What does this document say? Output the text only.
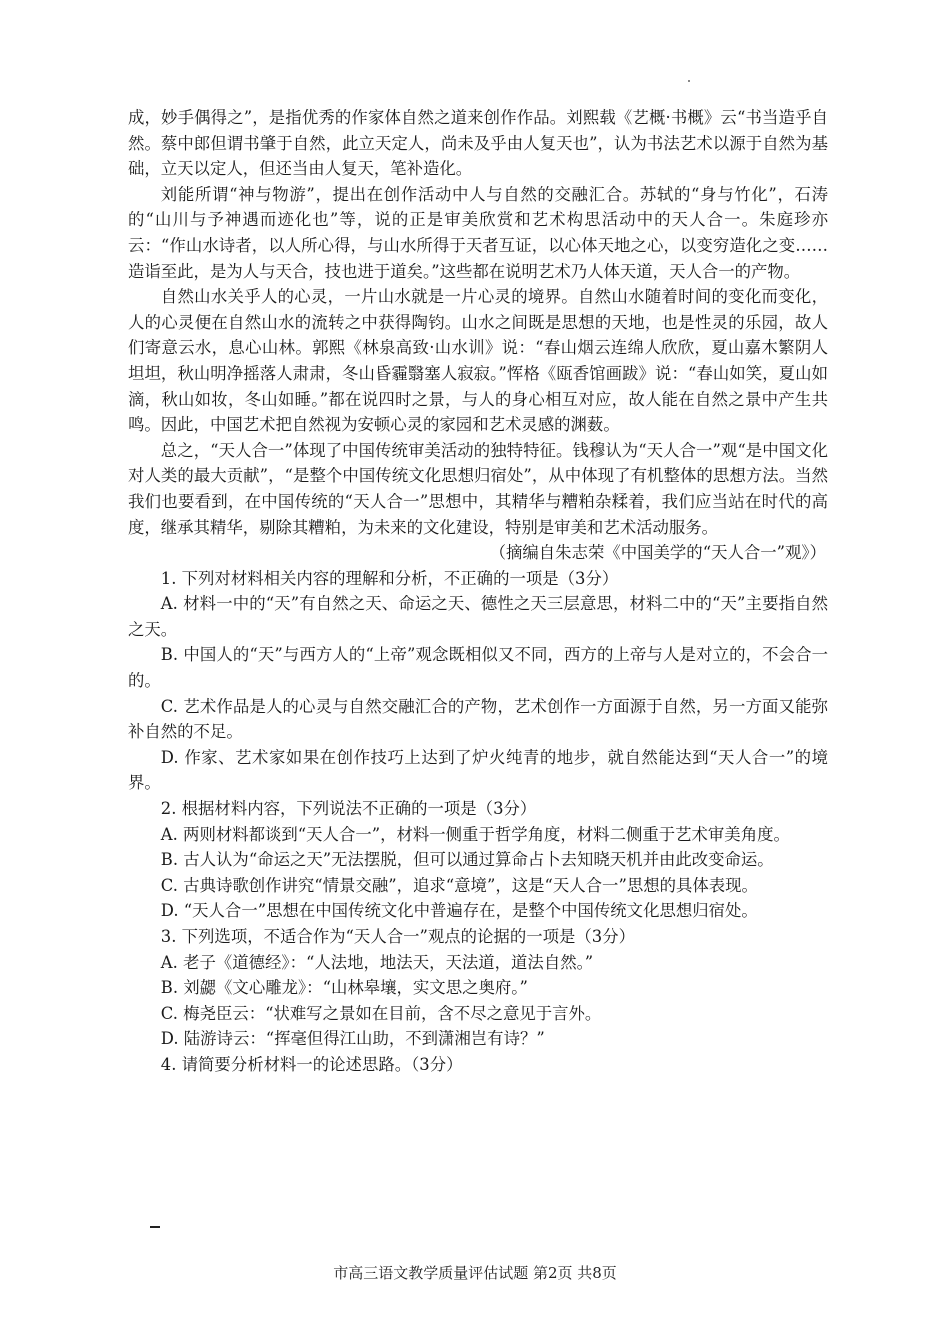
成，妙手偶得之”，是指优秀的作家体自然之道来创作作品。刘熙载《艺概·书概》云“书当造乎自然。蔡中郎但谓书肇于自然，此立天定人，尚未及乎由人复天也”，认为书法艺术以源于自然为基础，立天以定人，但还当由人复天，笔补造化。

刘能所谓“神与物游”，提出在创作活动中人与自然的交融汇合。苏轼的“身与竹化”，石涛的“山川与予神遇而迹化也”等，说的正是审美欣赏和艺术构思活动中的天人合一。朱庭珍亦云：“作山水诗者，以人所心得，与山水所得于天者互证，以心体天地之心，以变穷造化之变……造诣至此，是为人与天合，技也进于道矣。”这些都在说明艺术乃人体天道，天人合一的产物。

自然山水关乎人的心灵，一片山水就是一片心灵的境界。自然山水随着时间的变化而变化，人的心灵便在自然山水的流转之中获得陶钧。山水之间既是思想的天地，也是性灵的乐园，故人们寄意云水，息心山林。郭熙《林泉高致·山水训》说：“春山烟云连绵人欣欣，夏山嘉木繁阴人坦坦，秋山明净摇落人肃肃，冬山昏霾翳塞人寂寂。”恽格《瓯香馆画跋》说：“春山如笑，夏山如滴，秋山如妆，冬山如睡。”都在说四时之景，与人的身心相互对应，故人能在自然之景中产生共鸣。因此，中国艺术把自然视为安顿心灵的家园和艺术灵感的渊薮。

总之，“天人合一”体现了中国传统审美活动的独特特征。钱穆认为“天人合一”观“是中国文化对人类的最大贡献”，“是整个中国传统文化思想归宿处”，从中体现了有机整体的思想方法。当然我们也要看到，在中国传统的“天人合一”思想中，其精华与糟粕杂糅着，我们应当站在时代的高度，继承其精华，剔除其糟粕，为未来的文化建设，特别是审美和艺术活动服务。

（摘编自朱志荣《中国美学的“天人合一”观》）

1. 下列对材料相关内容的理解和分析，不正确的一项是（3分）

A. 材料一中的“天”有自然之天、命运之天、德性之天三层意思，材料二中的“天”主要指自然之天。

B. 中国人的“天”与西方人的“上帝”观念既相似又不同，西方的上帝与人是对立的，不会合一的。

C. 艺术作品是人的心灵与自然交融汇合的产物，艺术创作一方面源于自然，另一方面又能弥补自然的不足。

D. 作家、艺术家如果在创作技巧上达到了炉火纯青的地步，就自然能达到“天人合一”的境界。

2. 根据材料内容，下列说法不正确的一项是（3分）

A. 两则材料都谈到“天人合一”，材料一侧重于哲学角度，材料二侧重于艺术审美角度。

B. 古人认为“命运之天”无法摆脱，但可以通过算命占卜去知晓天机并由此改变命运。

C. 古典诗歌创作讲究“情景交融”，追求“意境”，这是“天人合一”思想的具体表现。

D. “天人合一”思想在中国传统文化中普遍存在，是整个中国传统文化思想归宿处。

3. 下列选项，不适合作为“天人合一”观点的论据的一项是（3分）

A. 老子《道德经》：“人法地，地法天，天法道，道法自然。”

B. 刘勰《文心雕龙》：“山林皋壤，实文思之奥府。”

C. 梅尧臣云：“状难写之景如在目前，含不尽之意见于言外。

D. 陆游诗云：“挥毫但得江山助，不到潇湘岂有诗？”

4. 请简要分析材料一的论述思路。（3分）

市高三语文教学质量评估试题 第2页 共8页
